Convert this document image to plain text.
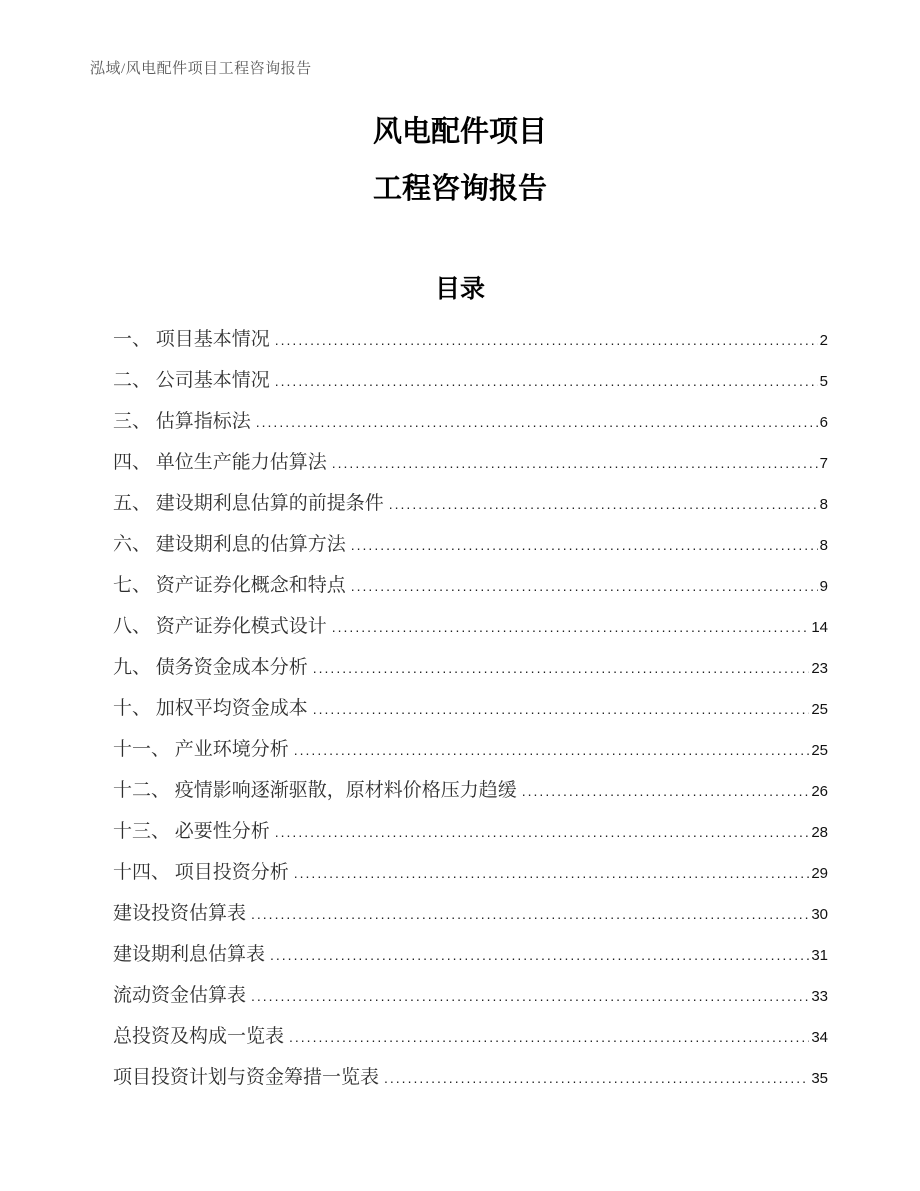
泓域/风电配件项目工程咨询报告
风电配件项目
工程咨询报告
目录
一、 项目基本情况 .....	2
二、 公司基本情况 .....	5
三、 估算指标法 .....	6
四、 单位生产能力估算法 .....	7
五、 建设期利息估算的前提条件 .....	8
六、 建设期利息的估算方法 .....	8
七、 资产证券化概念和特点 .....	9
八、 资产证券化模式设计 .....	14
九、 债务资金成本分析 .....	23
十、 加权平均资金成本 .....	25
十一、 产业环境分析 .....	25
十二、 疫情影响逐渐驱散，原材料价格压力趋缓 .....	26
十三、 必要性分析 .....	28
十四、 项目投资分析 .....	29
建设投资估算表 .....	30
建设期利息估算表 .....	31
流动资金估算表 .....	33
总投资及构成一览表 .....	34
项目投资计划与资金筹措一览表 .....	35
